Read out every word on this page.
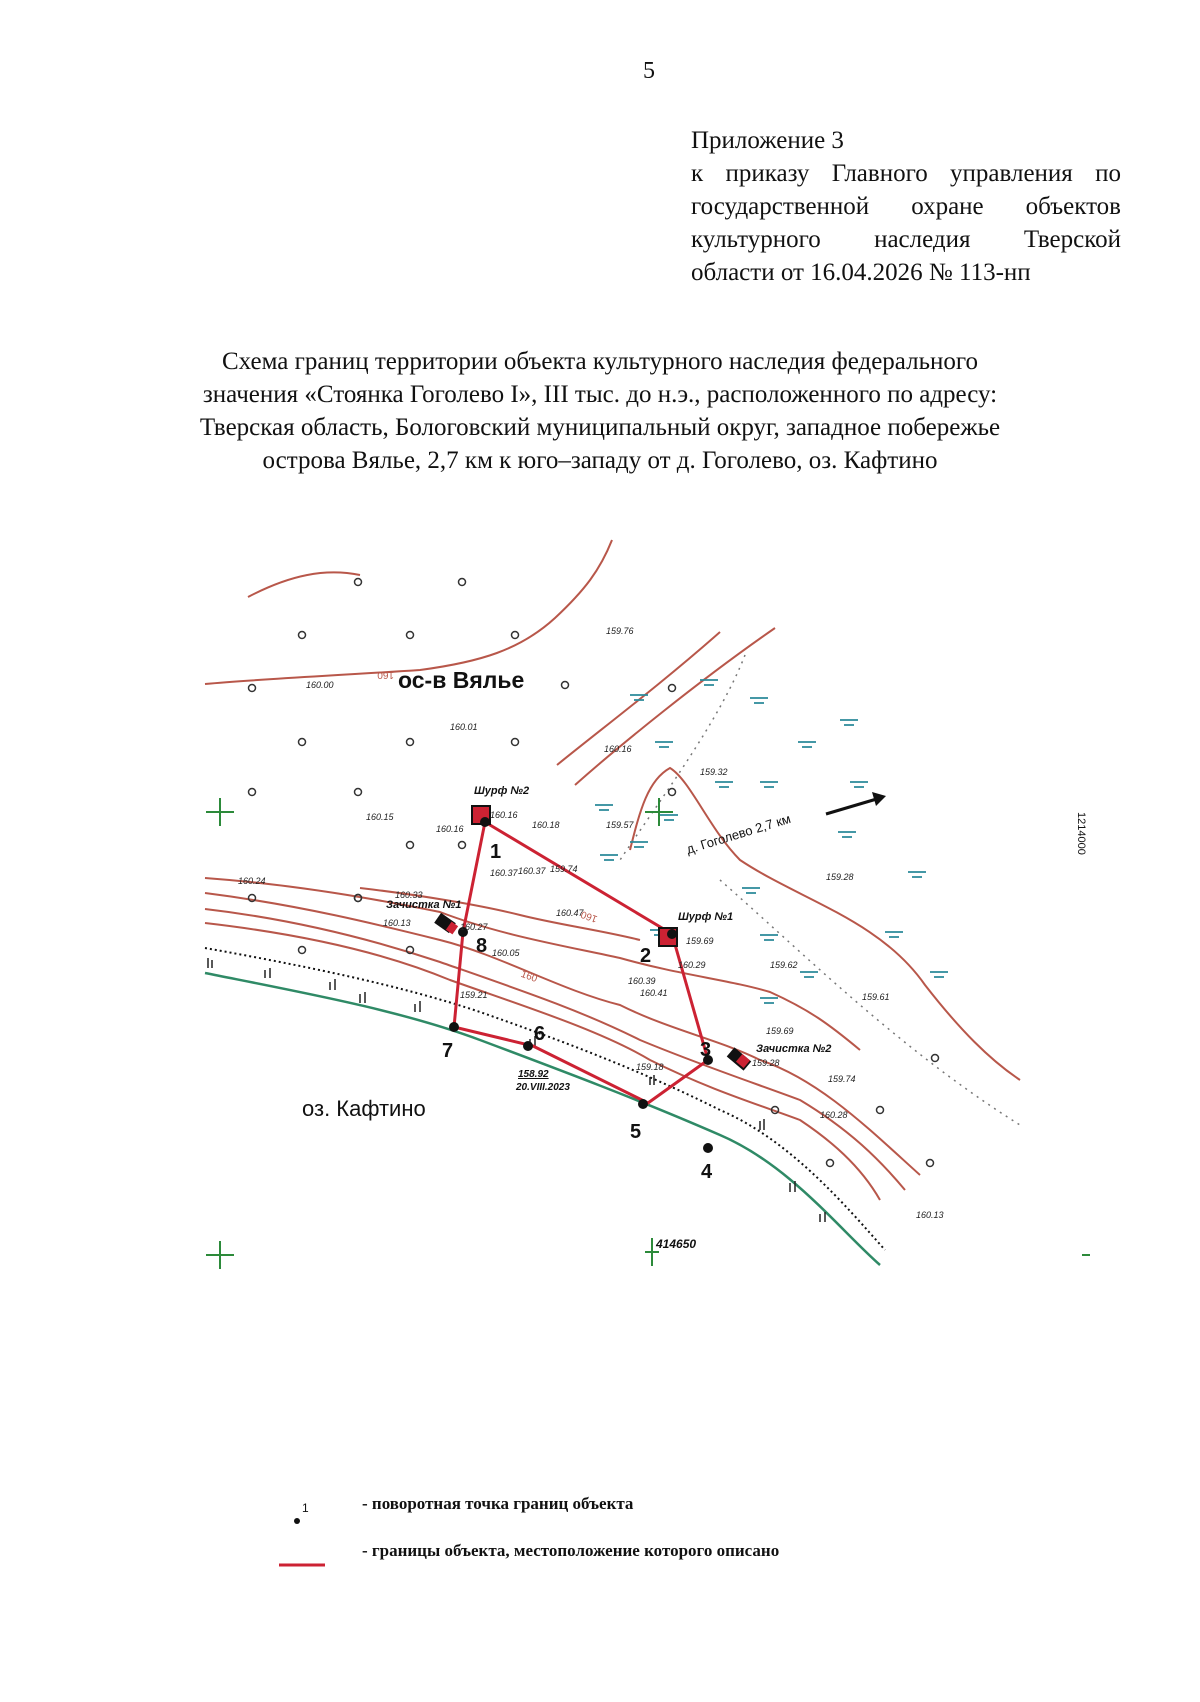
5
Приложение 3
к приказу Главного управления по
государственной охране объектов
культурного наследия Тверской
области от 16.04.2026 № 113-нп
Схема границ территории объекта культурного наследия федерального
значения «Стоянка Гоголево I», III тыс. до н.э., расположенного по адресу:
Тверская область, Бологовский муниципальный округ, западное побережье
острова Вялье, 2,7 км к юго–западу от д. Гоголево, оз. Кафтино
414650
1214000
1
2
3
4
5
6
7
8
Шурф №2
Шурф №1
Зачистка №1
Зачистка №2
ос-в Вялье
оз. Кафтино
д. Гоголево 2,7 км
158.92
20.VIII.2023
160
160
160
159.76
160.00
160.01
160.16
159.32
160.15
160.16
160.16
160.18	159.57
160.24
160.37 160.37 159.74
160.33
160.47
160.13	160.27
160.05
159.69
160.29	159.62
160.39
160.41
159.28
159.61
159.21
159.69
159.28
159.18
159.74
160.28
160.13
1	- поворотная точка границ объекта
- границы объекта, местоположение которого описано
